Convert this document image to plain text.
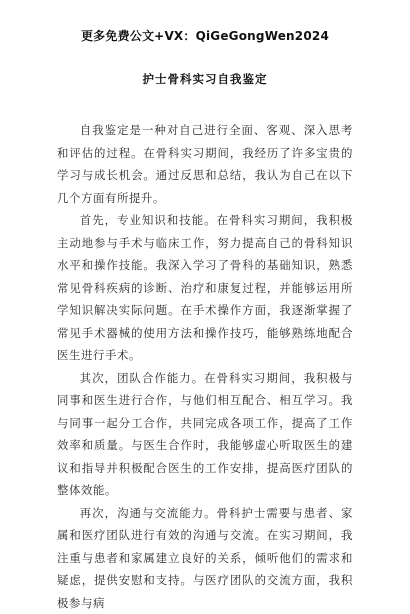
更多免费公文+VX：QiGeGongWen2024
护士骨科实习自我鉴定

自我鉴定是一种对自己进行全面、客观、深入思考和评估的过程。在骨科实习期间，我经历了许多宝贵的学习与成长机会。通过反思和总结，我认为自己在以下几个方面有所提升。

首先，专业知识和技能。在骨科实习期间，我积极主动地参与手术与临床工作，努力提高自己的骨科知识水平和操作技能。我深入学习了骨科的基础知识，熟悉常见骨科疾病的诊断、治疗和康复过程，并能够运用所学知识解决实际问题。在手术操作方面，我逐渐掌握了常见手术器械的使用方法和操作技巧，能够熟练地配合医生进行手术。

其次，团队合作能力。在骨科实习期间，我积极与同事和医生进行合作，与他们相互配合、相互学习。我与同事一起分工合作，共同完成各项工作，提高了工作效率和质量。与医生合作时，我能够虚心听取医生的建议和指导并积极配合医生的工作安排，提高医疗团队的整体效能。

再次，沟通与交流能力。骨科护士需要与患者、家属和医疗团队进行有效的沟通与交流。在实习期间，我注重与患者和家属建立良好的关系，倾听他们的需求和疑虑，提供安慰和支持。与医疗团队的交流方面，我积极参与病
